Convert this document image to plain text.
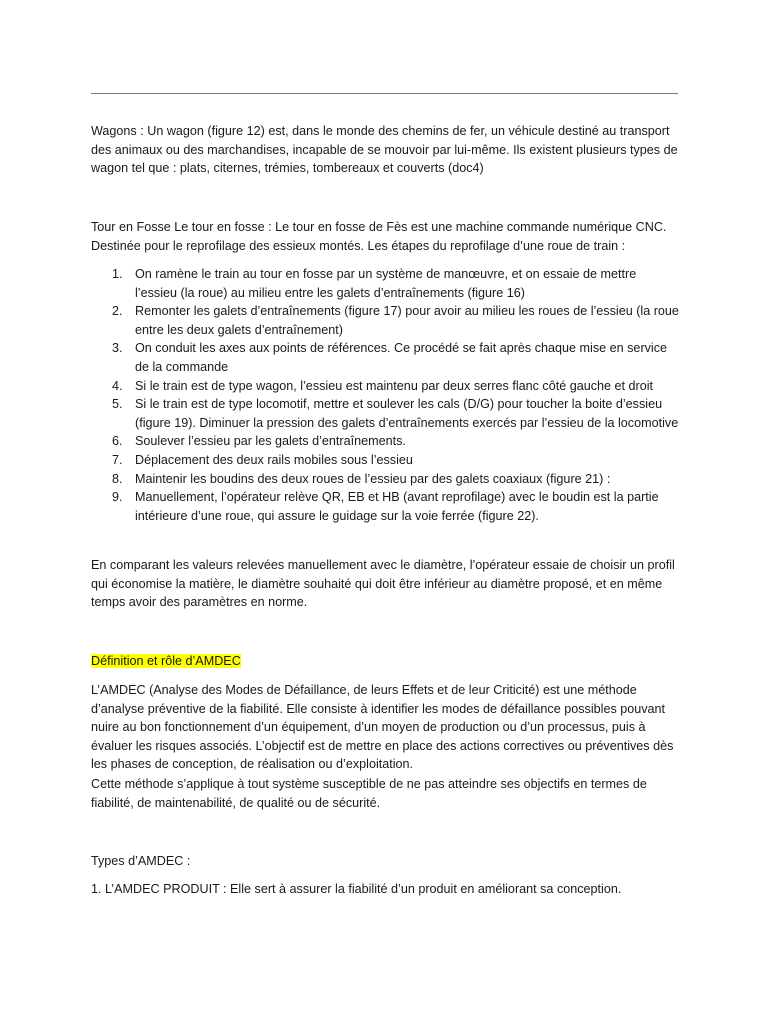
Wagons : Un wagon (figure 12) est, dans le monde des chemins de fer, un véhicule destiné au transport des animaux ou des marchandises, incapable de se mouvoir par lui-même. Ils existent plusieurs types de wagon tel que : plats, citernes, trémies, tombereaux et couverts (doc4)

Tour en Fosse Le tour en fosse : Le tour en fosse de Fès est une machine commande numérique CNC. Destinée pour le reprofilage des essieux montés. Les étapes du reprofilage d’une roue de train :

1. On ramène le train au tour en fosse par un système de manœuvre, et on essaie de mettre l’essieu (la roue) au milieu entre les galets d’entraînements (figure 16)
2. Remonter les galets d’entraînements (figure 17) pour avoir au milieu les roues de l’essieu (la roue entre les deux galets d’entraînement)
3. On conduit les axes aux points de références. Ce procédé se fait après chaque mise en service de la commande
4. Si le train est de type wagon, l’essieu est maintenu par deux serres flanc côté gauche et droit
5. Si le train est de type locomotif, mettre et soulever les cals (D/G) pour toucher la boite d’essieu (figure 19). Diminuer la pression des galets d’entraînements exercés par l’essieu de la locomotive
6. Soulever l’essieu par les galets d’entraînements.
7. Déplacement des deux rails mobiles sous l’essieu
8. Maintenir les boudins des deux roues de l’essieu par des galets coaxiaux (figure 21) :
9. Manuellement, l’opérateur relève QR, EB et HB (avant reprofilage) avec le boudin est la partie intérieure d’une roue, qui assure le guidage sur la voie ferrée (figure 22).

En comparant les valeurs relevées manuellement avec le diamètre, l’opérateur essaie de choisir un profil qui économise la matière, le diamètre souhaité qui doit être inférieur au diamètre proposé, et en même temps avoir des paramètres en norme.

Définition et rôle d’AMDEC

L’AMDEC (Analyse des Modes de Défaillance, de leurs Effets et de leur Criticité) est une méthode d’analyse préventive de la fiabilité. Elle consiste à identifier les modes de défaillance possibles pouvant nuire au bon fonctionnement d’un équipement, d’un moyen de production ou d’un processus, puis à évaluer les risques associés. L’objectif est de mettre en place des actions correctives ou préventives dès les phases de conception, de réalisation ou d’exploitation.

Cette méthode s’applique à tout système susceptible de ne pas atteindre ses objectifs en termes de fiabilité, de maintenabilité, de qualité ou de sécurité.

Types d’AMDEC :

1. L’AMDEC PRODUIT : Elle sert à assurer la fiabilité d’un produit en améliorant sa conception.
